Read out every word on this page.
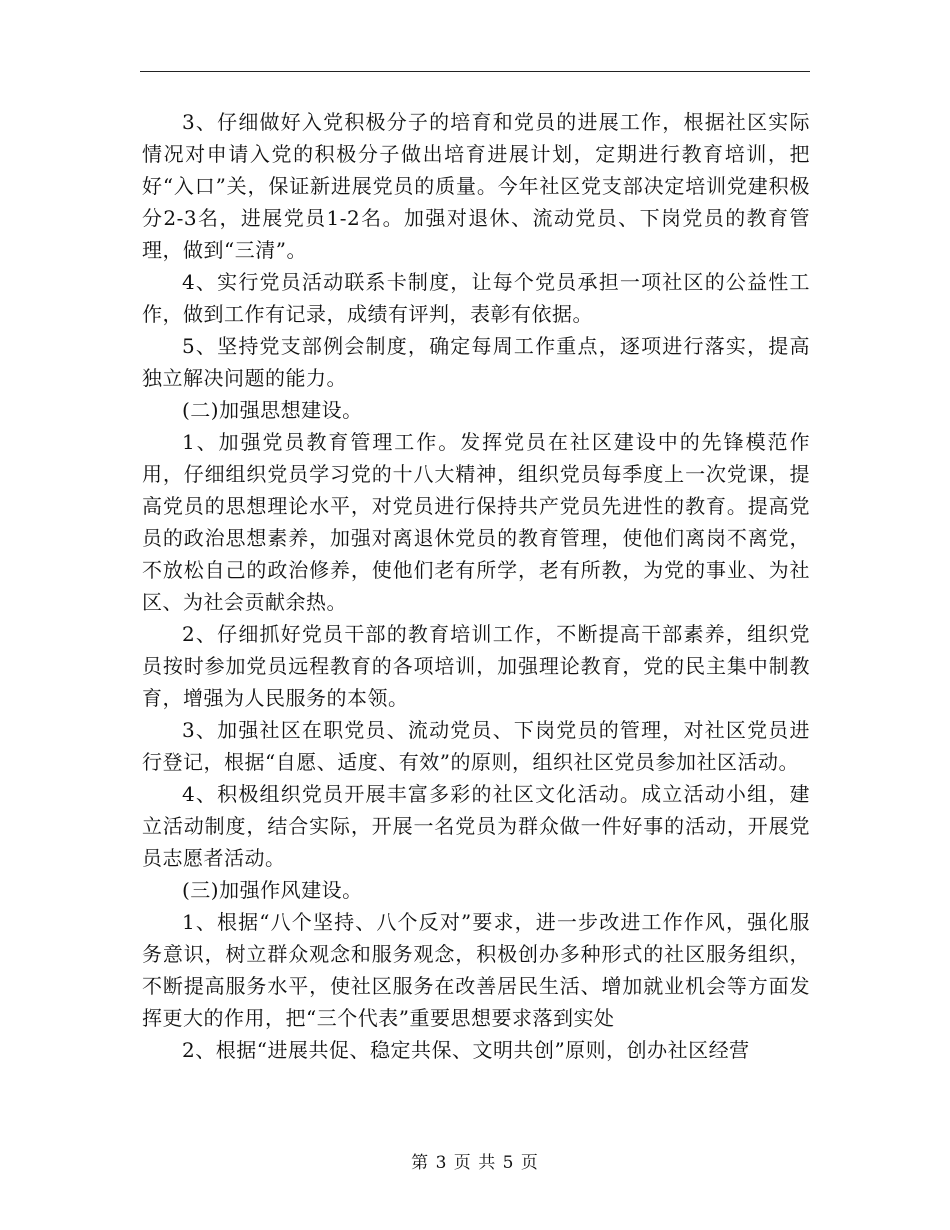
3、仔细做好入党积极分子的培育和党员的进展工作，根据社区实际情况对申请入党的积极分子做出培育进展计划，定期进行教育培训，把好“入口”关，保证新进展党员的质量。今年社区党支部决定培训党建积极分2-3名，进展党员1-2名。加强对退休、流动党员、下岗党员的教育管理，做到“三清”。

4、实行党员活动联系卡制度，让每个党员承担一项社区的公益性工作，做到工作有记录，成绩有评判，表彰有依据。

5、坚持党支部例会制度，确定每周工作重点，逐项进行落实，提高独立解决问题的能力。

(二)加强思想建设。

1、加强党员教育管理工作。发挥党员在社区建设中的先锋模范作用，仔细组织党员学习党的十八大精神，组织党员每季度上一次党课，提高党员的思想理论水平，对党员进行保持共产党员先进性的教育。提高党员的政治思想素养，加强对离退休党员的教育管理，使他们离岗不离党，不放松自己的政治修养，使他们老有所学，老有所教，为党的事业、为社区、为社会贡献余热。

2、仔细抓好党员干部的教育培训工作，不断提高干部素养，组织党员按时参加党员远程教育的各项培训，加强理论教育，党的民主集中制教育，增强为人民服务的本领。

3、加强社区在职党员、流动党员、下岗党员的管理，对社区党员进行登记，根据“自愿、适度、有效”的原则，组织社区党员参加社区活动。

4、积极组织党员开展丰富多彩的社区文化活动。成立活动小组，建立活动制度，结合实际，开展一名党员为群众做一件好事的活动，开展党员志愿者活动。

(三)加强作风建设。

1、根据“八个坚持、八个反对”要求，进一步改进工作作风，强化服务意识，树立群众观念和服务观念，积极创办多种形式的社区服务组织，不断提高服务水平，使社区服务在改善居民生活、增加就业机会等方面发挥更大的作用，把“三个代表”重要思想要求落到实处

2、根据“进展共促、稳定共保、文明共创”原则，创办社区经营

第 3 页 共 5 页
